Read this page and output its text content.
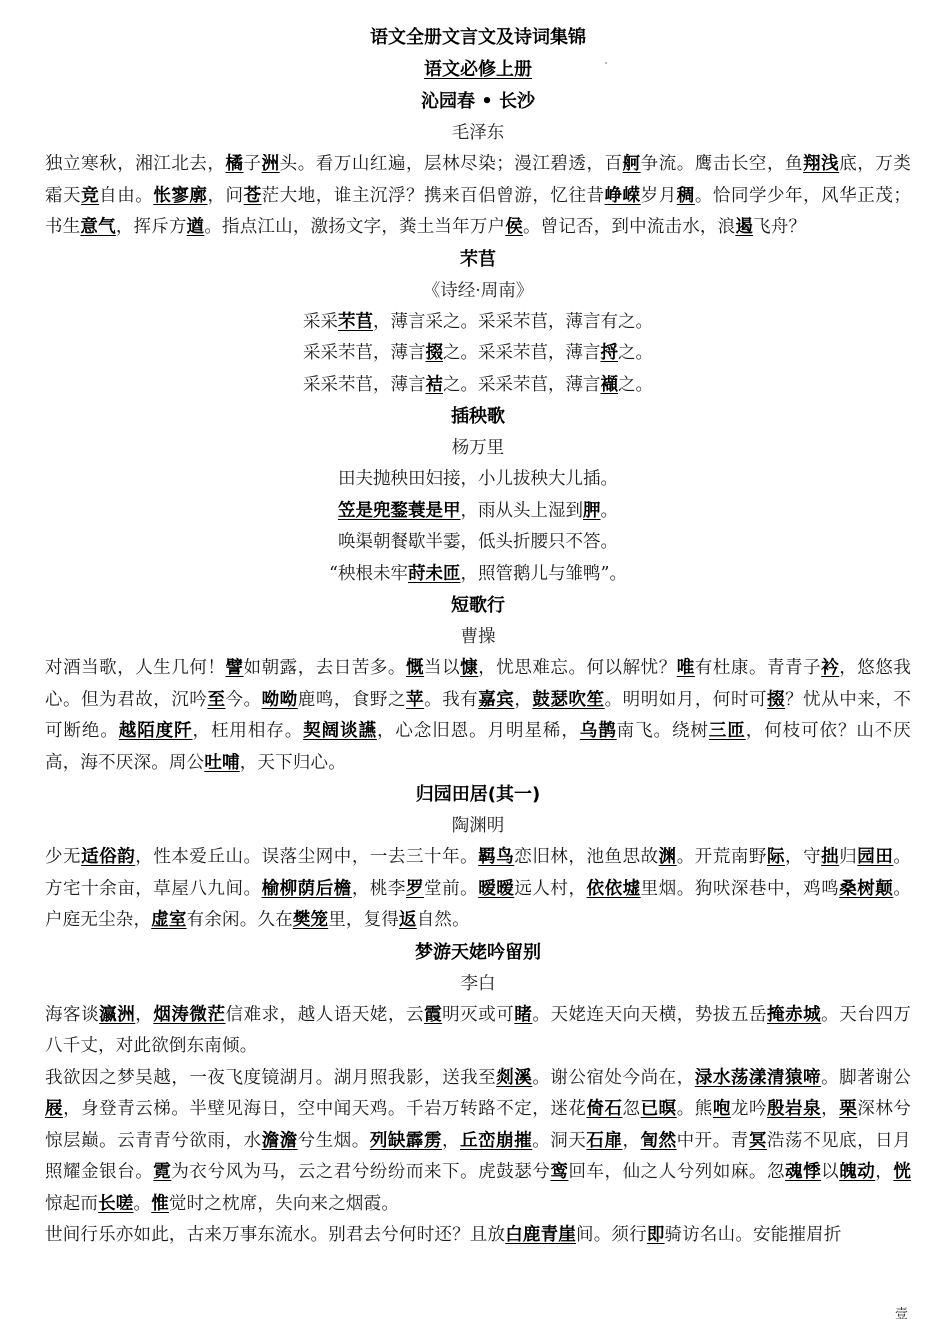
语文全册文言文及诗词集锦
语文必修上册
沁园春 • 长沙
毛泽东

独立寒秋，湘江北去，橘子洲头。看万山红遍，层林尽染；漫江碧透，百舸争流。鹰击长空，鱼翔浅底，万类霜天竞自由。怅寥廓，问苍茫大地，谁主沉浮？携来百侣曾游，忆往昔峥嵘岁月稠。恰同学少年，风华正茂；书生意气，挥斥方遒。指点江山，激扬文字，粪土当年万户侯。曾记否，到中流击水，浪遏飞舟？

芣苢
《诗经·周南》

采采芣苢，薄言采之。采采芣苢，薄言有之。

采采芣苢，薄言掇之。采采芣苢，薄言捋之。

采采芣苢，薄言袺之。采采芣苢，薄言襭之。

插秧歌
杨万里

田夫抛秧田妇接，小儿拔秧大儿插。

笠是兜鍪蓑是甲，雨从头上湿到胛。

唤渠朝餐歇半霎，低头折腰只不答。

“秧根未牢莳未匝，照管鹅儿与雏鸭”。

短歌行
曹操

对酒当歌，人生几何！譬如朝露，去日苦多。慨当以慷，忧思难忘。何以解忧？唯有杜康。青青子衿，悠悠我心。但为君故，沉吟至今。呦呦鹿鸣，食野之苹。我有嘉宾，鼓瑟吹笙。明明如月，何时可掇？忧从中来，不可断绝。越陌度阡，枉用相存。契阔谈讌，心念旧恩。月明星稀，乌鹊南飞。绕树三匝，何枝可依？山不厌高，海不厌深。周公吐哺，天下归心。

归园田居(其一)
陶渊明

少无适俗韵，性本爱丘山。误落尘网中，一去三十年。羁鸟恋旧林，池鱼思故渊。开荒南野际，守拙归园田。方宅十余亩，草屋八九间。榆柳荫后檐，桃李罗堂前。暧暧远人村，依依墟里烟。狗吠深巷中，鸡鸣桑树颠。户庭无尘杂，虚室有余闲。久在樊笼里，复得返自然。

梦游天姥吟留别
李白

海客谈瀛洲，烟涛微茫信难求，越人语天姥，云霞明灭或可睹。天姥连天向天横，势拔五岳掩赤城。天台四万八千丈，对此欲倒东南倾。

我欲因之梦吴越，一夜飞度镜湖月。湖月照我影，送我至剡溪。谢公宿处今尚在，渌水荡漾清猿啼。脚著谢公屐，身登青云梯。半壁见海日，空中闻天鸡。千岩万转路不定，迷花倚石忽已暝。熊咆龙吟殷岩泉，栗深林兮惊层巅。云青青兮欲雨，水澹澹兮生烟。列缺霹雳，丘峦崩摧。洞天石扉，訇然中开。青冥浩荡不见底，日月照耀金银台。霓为衣兮风为马，云之君兮纷纷而来下。虎鼓瑟兮鸾回车，仙之人兮列如麻。忽魂悸以魄动，恍惊起而长嗟。惟觉时之枕席，失向来之烟霞。

世间行乐亦如此，古来万事东流水。别君去兮何时还？且放白鹿青崖间。须行即骑访名山。安能摧眉折

壹
